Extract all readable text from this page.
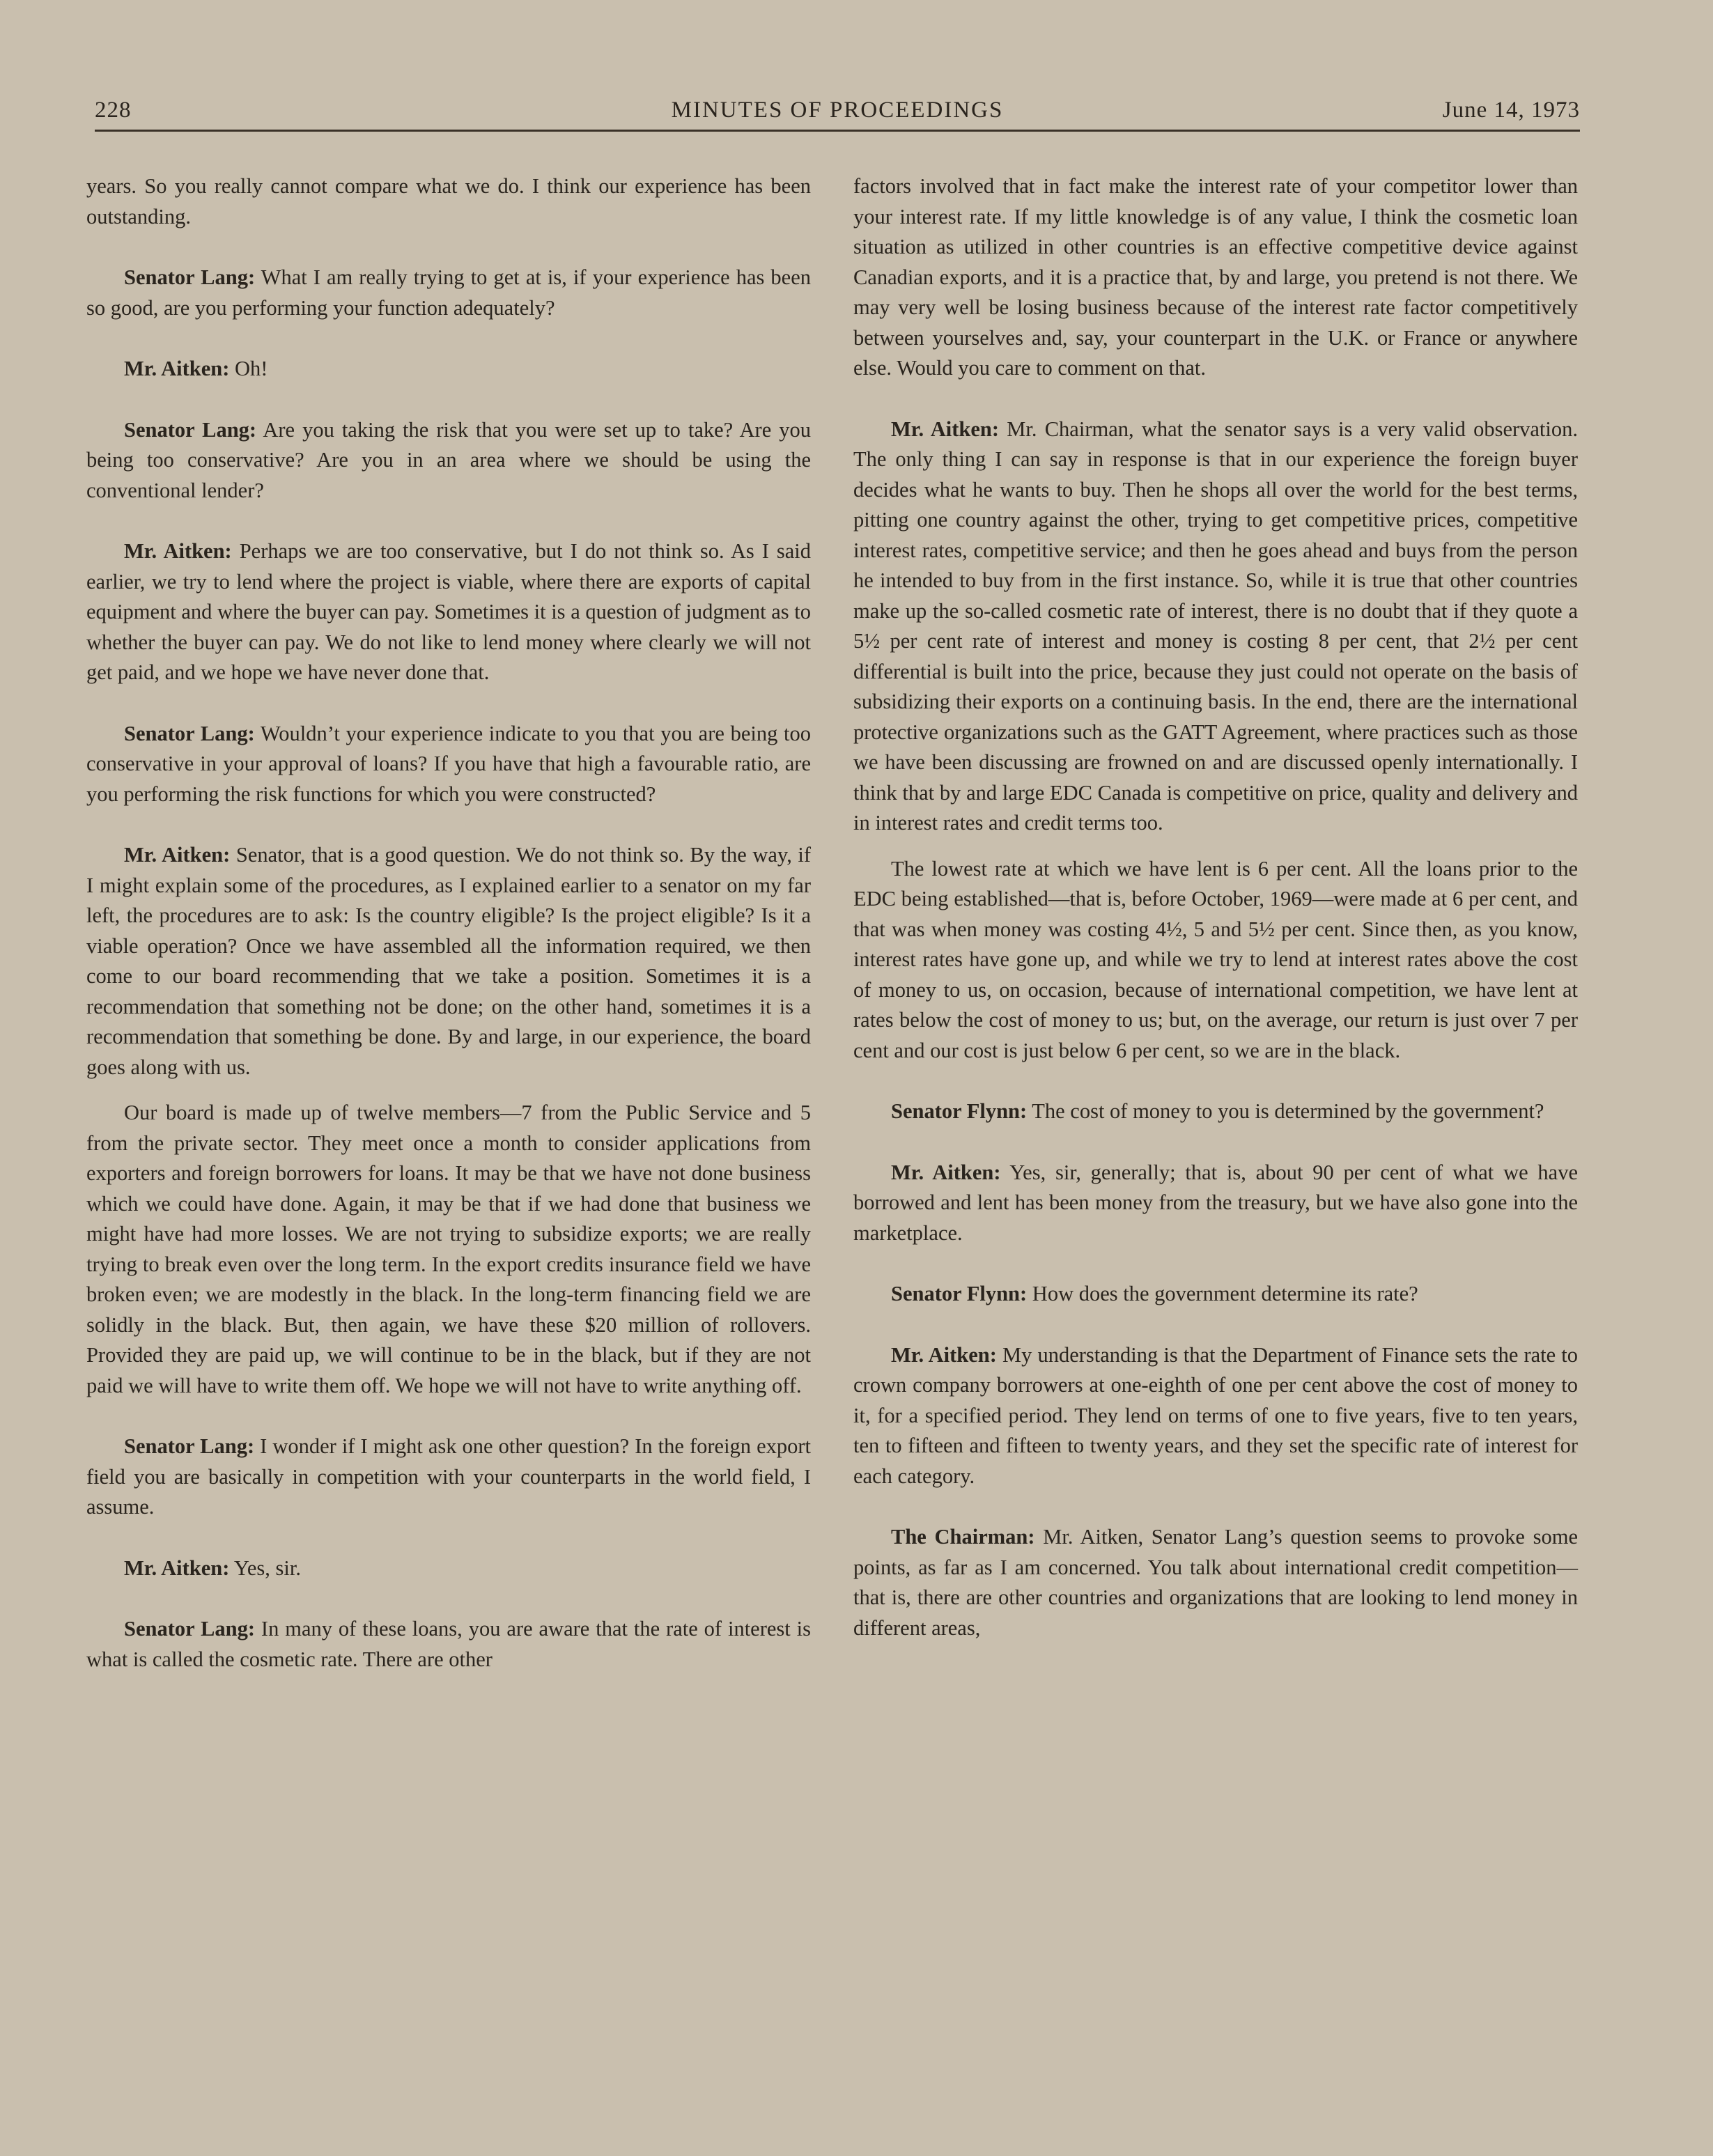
228	MINUTES OF PROCEEDINGS	June 14, 1973

years. So you really cannot compare what we do. I think our experience has been outstanding.

Senator Lang: What I am really trying to get at is, if your experience has been so good, are you performing your function adequately?

Mr. Aitken: Oh!

Senator Lang: Are you taking the risk that you were set up to take? Are you being too conservative? Are you in an area where we should be using the conventional lender?

Mr. Aitken: Perhaps we are too conservative, but I do not think so. As I said earlier, we try to lend where the project is viable, where there are exports of capital equipment and where the buyer can pay. Sometimes it is a question of judgment as to whether the buyer can pay. We do not like to lend money where clearly we will not get paid, and we hope we have never done that.

Senator Lang: Wouldn’t your experience indicate to you that you are being too conservative in your approval of loans? If you have that high a favourable ratio, are you performing the risk functions for which you were constructed?

Mr. Aitken: Senator, that is a good question. We do not think so. By the way, if I might explain some of the procedures, as I explained earlier to a senator on my far left, the procedures are to ask: Is the country eligible? Is the project eligible? Is it a viable operation? Once we have assembled all the information required, we then come to our board recommending that we take a position. Sometimes it is a recommendation that something not be done; on the other hand, sometimes it is a recommendation that something be done. By and large, in our experience, the board goes along with us.

Our board is made up of twelve members—7 from the Public Service and 5 from the private sector. They meet once a month to consider applications from exporters and foreign borrowers for loans. It may be that we have not done business which we could have done. Again, it may be that if we had done that business we might have had more losses. We are not trying to subsidize exports; we are really trying to break even over the long term. In the export credits insurance field we have broken even; we are modestly in the black. In the long-term financing field we are solidly in the black. But, then again, we have these $20 million of rollovers. Provided they are paid up, we will continue to be in the black, but if they are not paid we will have to write them off. We hope we will not have to write anything off.

Senator Lang: I wonder if I might ask one other question? In the foreign export field you are basically in competition with your counterparts in the world field, I assume.

Mr. Aitken: Yes, sir.

Senator Lang: In many of these loans, you are aware that the rate of interest is what is called the cosmetic rate. There are other

factors involved that in fact make the interest rate of your competitor lower than your interest rate. If my little knowledge is of any value, I think the cosmetic loan situation as utilized in other countries is an effective competitive device against Canadian exports, and it is a practice that, by and large, you pretend is not there. We may very well be losing business because of the interest rate factor competitively between yourselves and, say, your counterpart in the U.K. or France or anywhere else. Would you care to comment on that.

Mr. Aitken: Mr. Chairman, what the senator says is a very valid observation. The only thing I can say in response is that in our experience the foreign buyer decides what he wants to buy. Then he shops all over the world for the best terms, pitting one country against the other, trying to get competitive prices, competitive interest rates, competitive service; and then he goes ahead and buys from the person he intended to buy from in the first instance. So, while it is true that other countries make up the so-called cosmetic rate of interest, there is no doubt that if they quote a 5½ per cent rate of interest and money is costing 8 per cent, that 2½ per cent differential is built into the price, because they just could not operate on the basis of subsidizing their exports on a continuing basis. In the end, there are the international protective organizations such as the GATT Agreement, where practices such as those we have been discussing are frowned on and are discussed openly internationally. I think that by and large EDC Canada is competitive on price, quality and delivery and in interest rates and credit terms too.

The lowest rate at which we have lent is 6 per cent. All the loans prior to the EDC being established—that is, before October, 1969—were made at 6 per cent, and that was when money was costing 4½, 5 and 5½ per cent. Since then, as you know, interest rates have gone up, and while we try to lend at interest rates above the cost of money to us, on occasion, because of international competition, we have lent at rates below the cost of money to us; but, on the average, our return is just over 7 per cent and our cost is just below 6 per cent, so we are in the black.

Senator Flynn: The cost of money to you is determined by the government?

Mr. Aitken: Yes, sir, generally; that is, about 90 per cent of what we have borrowed and lent has been money from the treasury, but we have also gone into the marketplace.

Senator Flynn: How does the government determine its rate?

Mr. Aitken: My understanding is that the Department of Finance sets the rate to crown company borrowers at one-eighth of one per cent above the cost of money to it, for a specified period. They lend on terms of one to five years, five to ten years, ten to fifteen and fifteen to twenty years, and they set the specific rate of interest for each category.

The Chairman: Mr. Aitken, Senator Lang’s question seems to provoke some points, as far as I am concerned. You talk about international credit competition—that is, there are other countries and organizations that are looking to lend money in different areas,
